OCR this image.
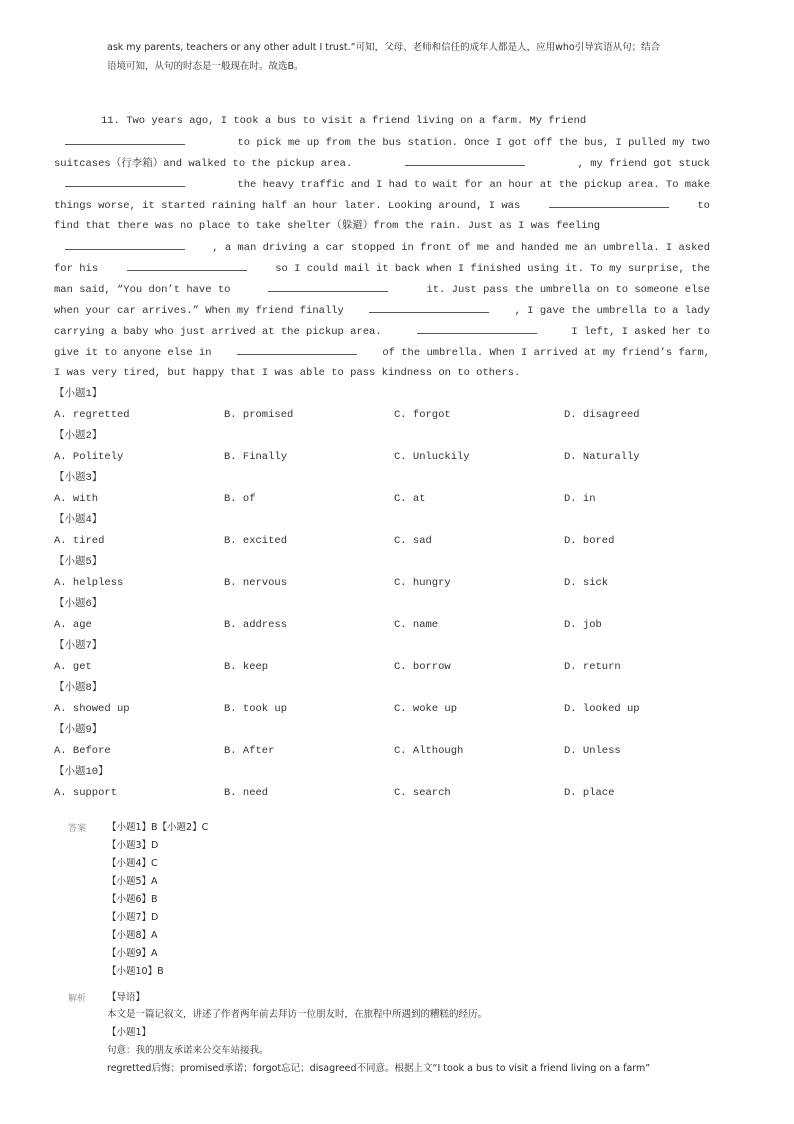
ask my parents, teachers or any other adult I trust.”可知，父母、老师和信任的成年人都是人，应用who引导宾语从句；结合
语境可知，从句的时态是一般现在时。故选B。
11. Two years ago, I took a bus to visit a friend living on a farm. My friend
to pick me up from the bus station. Once I got off the bus, I pulled my two
suitcases（行李箱）and walked to the pickup area.	, my friend got stuck
the heavy traffic and I had to wait for an hour at the pickup area. To make
things worse, it started raining half an hour later. Looking around, I was	to
find that there was no place to take shelter（躲避）from the rain. Just as I was feeling
, a man driving a car stopped in front of me and handed me an umbrella. I asked
for his	so I could mail it back when I finished using it. To my surprise, the
man said, “You don’t have to	it. Just pass the umbrella on to someone else
when your car arrives.” When my friend finally	, I gave the umbrella to a lady
carrying a baby who just arrived at the pickup area.	I left, I asked her to
give it to anyone else in	of the umbrella. When I arrived at my friend’s farm,
I was very tired, but happy that I was able to pass kindness on to others.
【小题1】
A. regretted	B. promised	C. forgot	D. disagreed
【小题2】
A. Politely	B. Finally	C. Unluckily	D. Naturally
【小题3】
A. with	B. of	C. at	D. in
【小题4】
A. tired	B. excited	C. sad	D. bored
【小题5】
A. helpless	B. nervous	C. hungry	D. sick
【小题6】
A. age	B. address	C. name	D. job
【小题7】
A. get	B. keep	C. borrow	D. return
【小题8】
A. showed up	B. took up	C. woke up	D. looked up
【小题9】
A. Before	B. After	C. Although	D. Unless
【小题10】
A. support	B. need	C. search	D. place
答案 【小题1】B【小题2】C
【小题3】D
【小题4】C
【小题5】A
【小题6】B
【小题7】D
【小题8】A
【小题9】A
【小题10】B
解析 【导语】
本文是一篇记叙文，讲述了作者两年前去拜访一位朋友时，在旅程中所遇到的糟糕的经历。
【小题1】
句意：我的朋友承诺来公交车站接我。
regretted后悔；promised承诺；forgot忘记；disagreed不同意。根据上文“I took a bus to visit a friend living on a farm”
